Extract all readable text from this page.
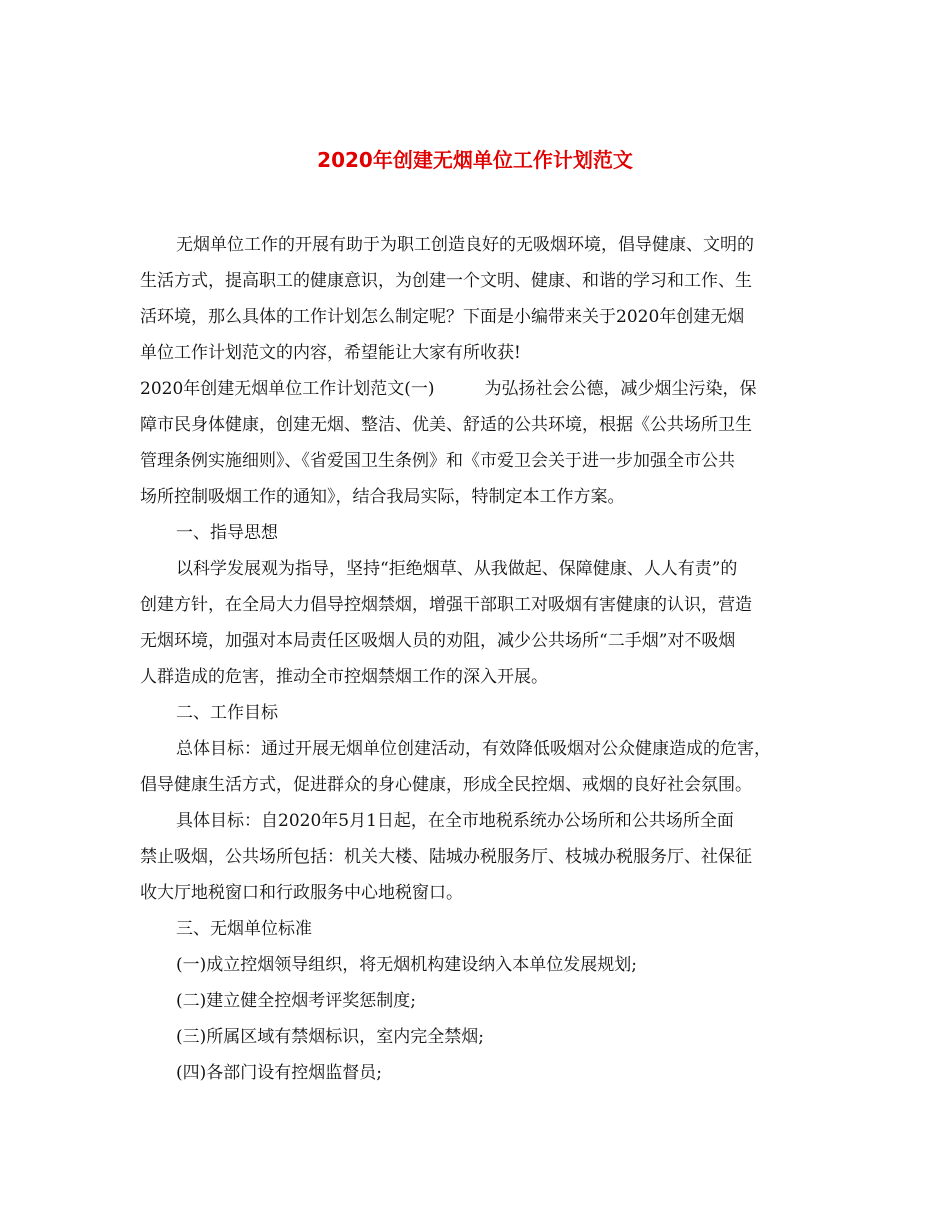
2020年创建无烟单位工作计划范文
无烟单位工作的开展有助于为职工创造良好的无吸烟环境，倡导健康、文明的
生活方式，提高职工的健康意识，为创建一个文明、健康、和谐的学习和工作、生
活环境，那么具体的工作计划怎么制定呢？下面是小编带来关于2020年创建无烟
单位工作计划范文的内容，希望能让大家有所收获!
2020年创建无烟单位工作计划范文(一)	为弘扬社会公德，减少烟尘污染，保
障市民身体健康，创建无烟、整洁、优美、舒适的公共环境，根据《公共场所卫生
管理条例实施细则》、《省爱国卫生条例》和《市爱卫会关于进一步加强全市公共
场所控制吸烟工作的通知》，结合我局实际，特制定本工作方案。
一、指导思想
以科学发展观为指导，坚持“拒绝烟草、从我做起、保障健康、人人有责”的
创建方针，在全局大力倡导控烟禁烟，增强干部职工对吸烟有害健康的认识，营造
无烟环境，加强对本局责任区吸烟人员的劝阻，减少公共场所“二手烟”对不吸烟
人群造成的危害，推动全市控烟禁烟工作的深入开展。
二、工作目标
总体目标：通过开展无烟单位创建活动，有效降低吸烟对公众健康造成的危害，
倡导健康生活方式，促进群众的身心健康，形成全民控烟、戒烟的良好社会氛围。
具体目标：自2020年5月1日起，在全市地税系统办公场所和公共场所全面
禁止吸烟，公共场所包括：机关大楼、陆城办税服务厅、枝城办税服务厅、社保征
收大厅地税窗口和行政服务中心地税窗口。
三、无烟单位标准
(一)成立控烟领导组织，将无烟机构建设纳入本单位发展规划;
(二)建立健全控烟考评奖惩制度;
(三)所属区域有禁烟标识，室内完全禁烟;
(四)各部门设有控烟监督员;
